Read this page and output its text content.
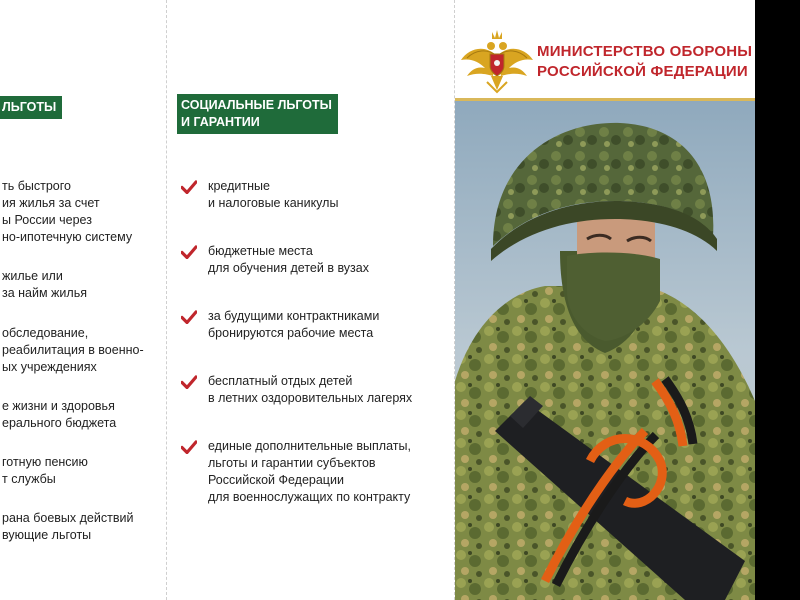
ЛЬГОТЫ
ть быстрого
ия жилья за счет
ы России через
но-ипотечную систему
жилье или
за найм жилья
обследование,
реабилитация в военно-
ых учреждениях
е жизни и здоровья
ерального бюджета
готную пенсию
т службы
рана боевых действий
вующие льготы
СОЦИАЛЬНЫЕ ЛЬГОТЫ
И ГАРАНТИИ
кредитные
и налоговые каникулы
бюджетные места
для обучения детей в вузах
за будущими контрактниками
бронируются рабочие места
бесплатный отдых детей
в летних оздоровительных лагерях
единые дополнительные выплаты,
льготы и гарантии субъектов
Российской Федерации
для военнослужащих по контракту
МИНИСТЕРСТВО ОБОРОНЫ
РОССИЙСКОЙ ФЕДЕРАЦИИ
